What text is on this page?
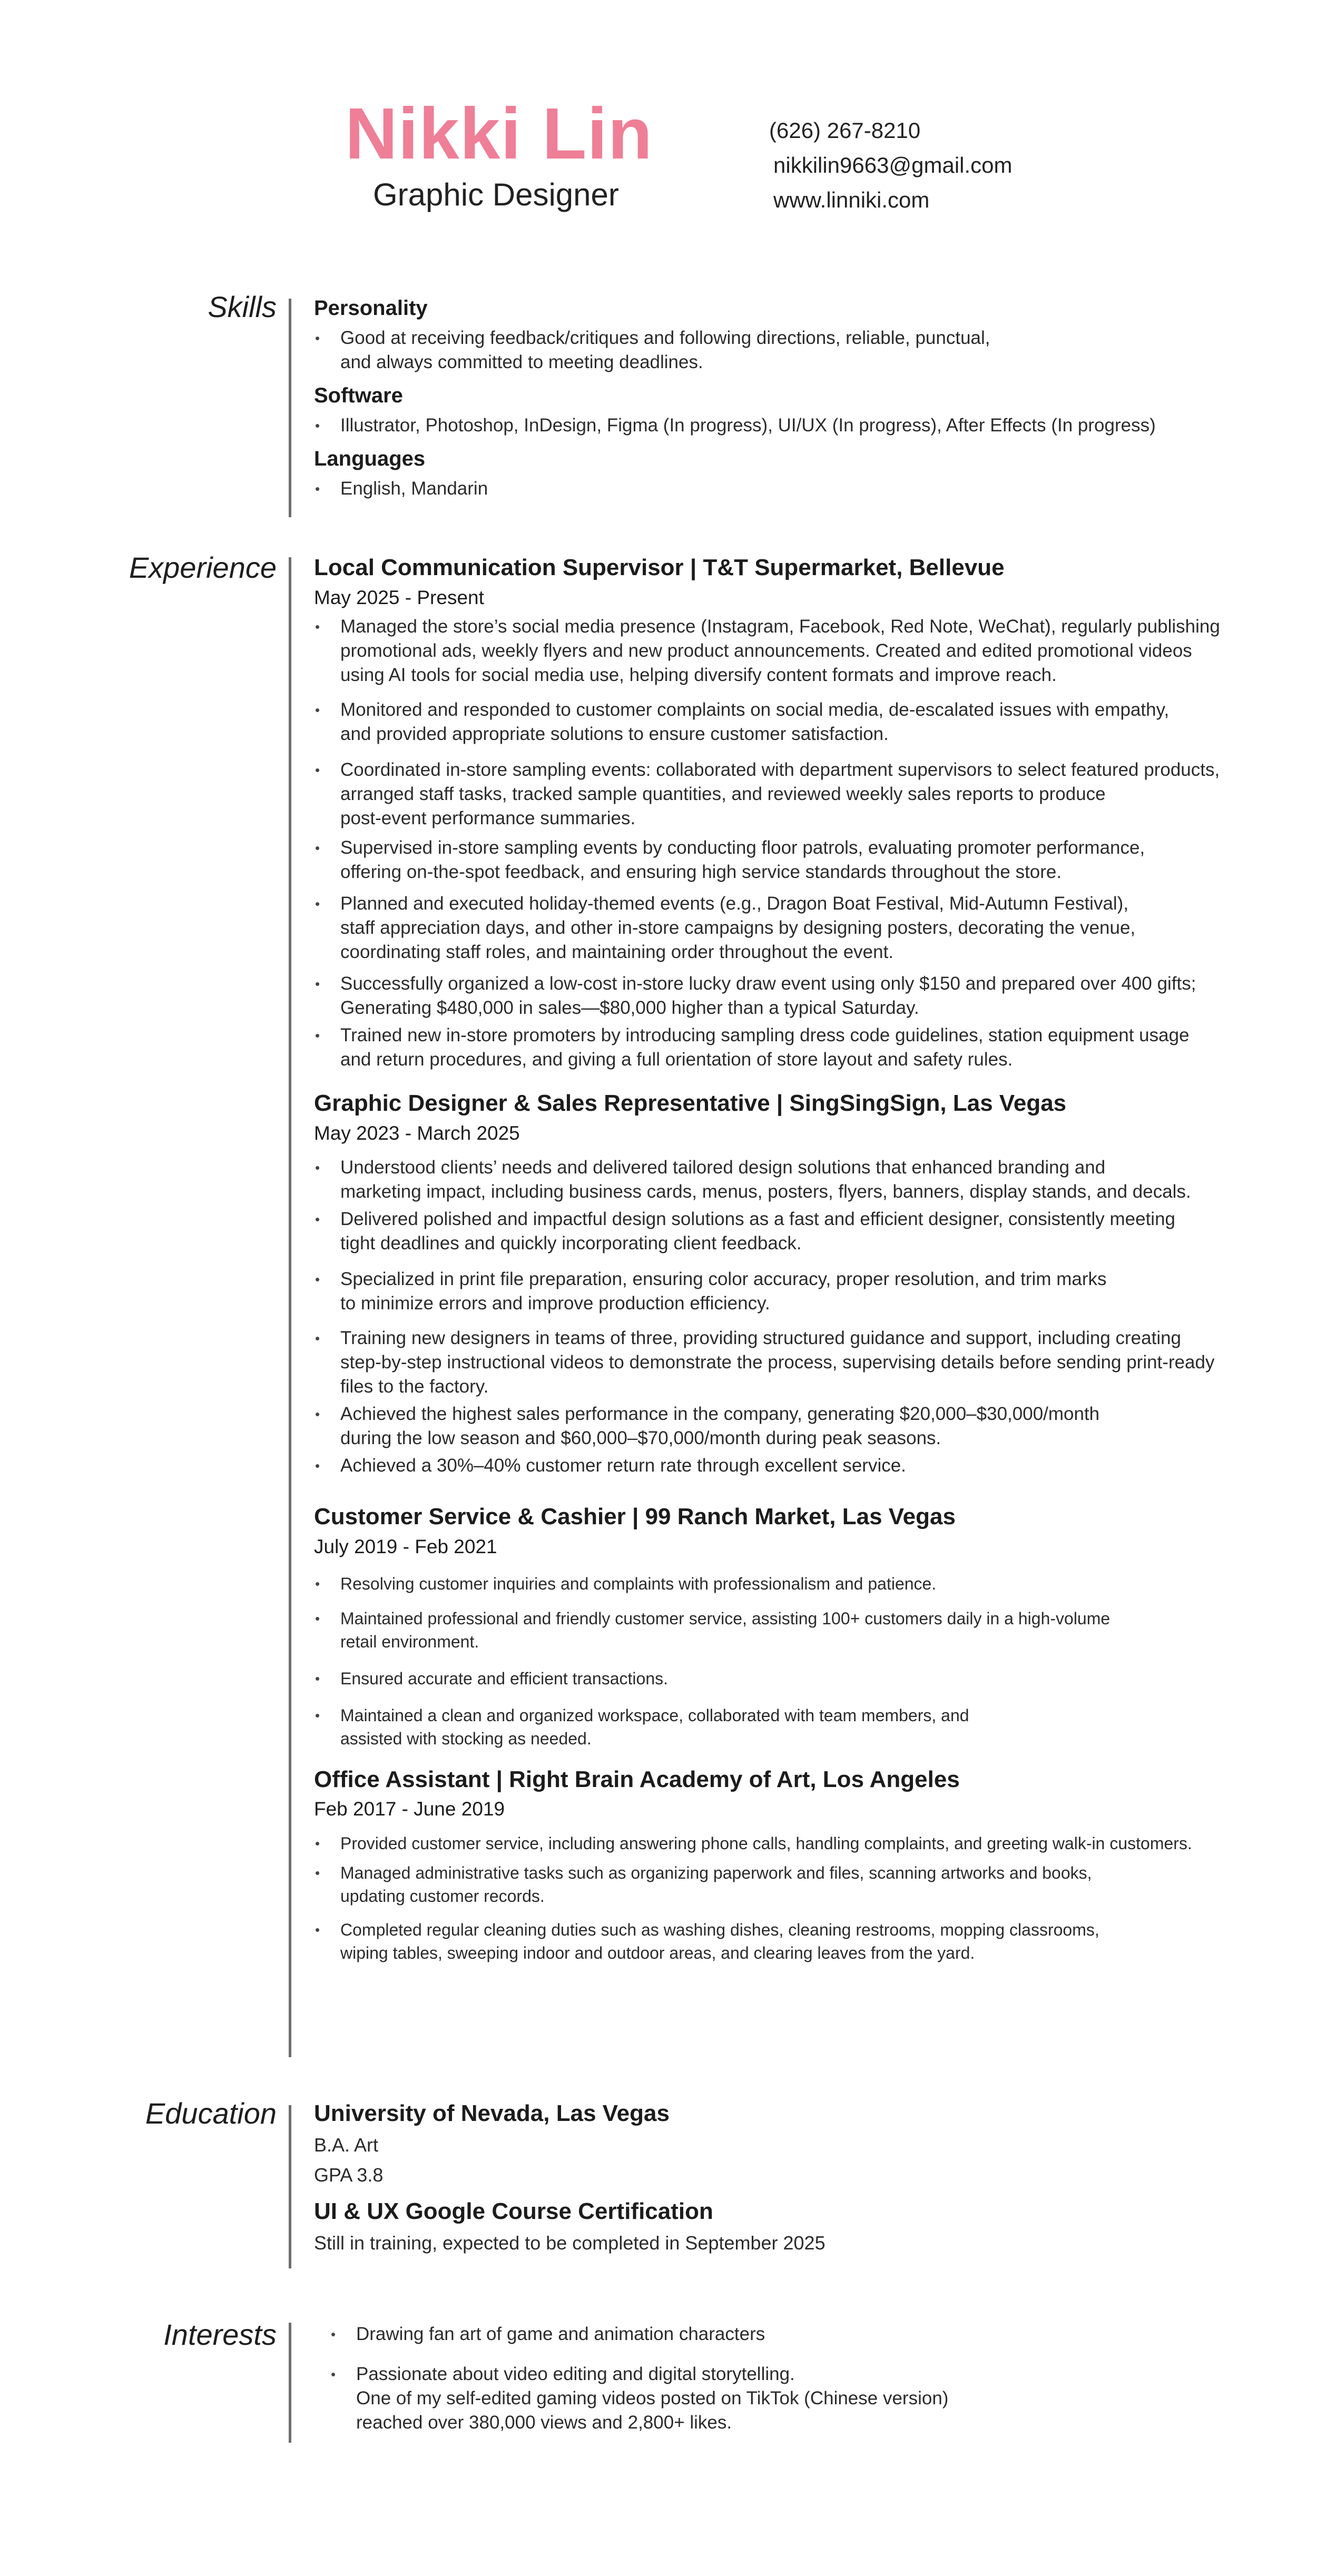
Nikki Lin
Graphic Designer
(626) 267-8210
nikkilin9663@gmail.com
www.linniki.com
Skills Personality

• Good at receiving feedback/critiques and following directions, reliable, punctual,
and always committed to meeting deadlines.

Software

• Illustrator, Photoshop, InDesign, Figma (In progress), UI/UX (In progress), After Effects (In progress)

Languages

• English, Mandarin
Experience Local Communication Supervisor | T&T Supermarket, Bellevue

May 2025 - Present

• Managed the store’s social media presence (Instagram, Facebook, Red Note, WeChat), regularly publishing
promotional ads, weekly flyers and new product announcements. Created and edited promotional videos
using AI tools for social media use, helping diversify content formats and improve reach.
• Monitored and responded to customer complaints on social media, de-escalated issues with empathy,
and provided appropriate solutions to ensure customer satisfaction.
• Coordinated in-store sampling events: collaborated with department supervisors to select featured products,
arranged staff tasks, tracked sample quantities, and reviewed weekly sales reports to produce
post-event performance summaries.
• Supervised in-store sampling events by conducting floor patrols, evaluating promoter performance,
offering on-the-spot feedback, and ensuring high service standards throughout the store.
• Planned and executed holiday-themed events (e.g., Dragon Boat Festival, Mid-Autumn Festival),
staff appreciation days, and other in-store campaigns by designing posters, decorating the venue,
coordinating staff roles, and maintaining order throughout the event.
• Successfully organized a low-cost in-store lucky draw event using only $150 and prepared over 400 gifts;
Generating $480,000 in sales—$80,000 higher than a typical Saturday.
• Trained new in-store promoters by introducing sampling dress code guidelines, station equipment usage
and return procedures, and giving a full orientation of store layout and safety rules.

Graphic Designer & Sales Representative | SingSingSign, Las Vegas

May 2023 - March 2025

• Understood clients’ needs and delivered tailored design solutions that enhanced branding and
marketing impact, including business cards, menus, posters, flyers, banners, display stands, and decals.
• Delivered polished and impactful design solutions as a fast and efficient designer, consistently meeting
tight deadlines and quickly incorporating client feedback.
• Specialized in print file preparation, ensuring color accuracy, proper resolution, and trim marks
to minimize errors and improve production efficiency.
• Training new designers in teams of three, providing structured guidance and support, including creating
step-by-step instructional videos to demonstrate the process, supervising details before sending print-ready
files to the factory.
• Achieved the highest sales performance in the company, generating $20,000–$30,000/month
during the low season and $60,000–$70,000/month during peak seasons.
• Achieved a 30%–40% customer return rate through excellent service.

Customer Service & Cashier | 99 Ranch Market, Las Vegas

July 2019 - Feb 2021

• Resolving customer inquiries and complaints with professionalism and patience.
• Maintained professional and friendly customer service, assisting 100+ customers daily in a high-volume
retail environment.
• Ensured accurate and efficient transactions.
• Maintained a clean and organized workspace, collaborated with team members, and
assisted with stocking as needed.

Office Assistant | Right Brain Academy of Art, Los Angeles

Feb 2017 - June 2019

• Provided customer service, including answering phone calls, handling complaints, and greeting walk-in customers.
• Managed administrative tasks such as organizing paperwork and files, scanning artworks and books,
updating customer records.
• Completed regular cleaning duties such as washing dishes, cleaning restrooms, mopping classrooms,
wiping tables, sweeping indoor and outdoor areas, and clearing leaves from the yard.
Education University of Nevada, Las Vegas

B.A. Art

GPA 3.8

UI & UX Google Course Certification

Still in training, expected to be completed in September 2025

Interests
•	Drawing fan art of game and animation characters
• Passionate about video editing and digital storytelling.
One of my self-edited gaming videos posted on TikTok (Chinese version)
reached over 380,000 views and 2,800+ likes.
